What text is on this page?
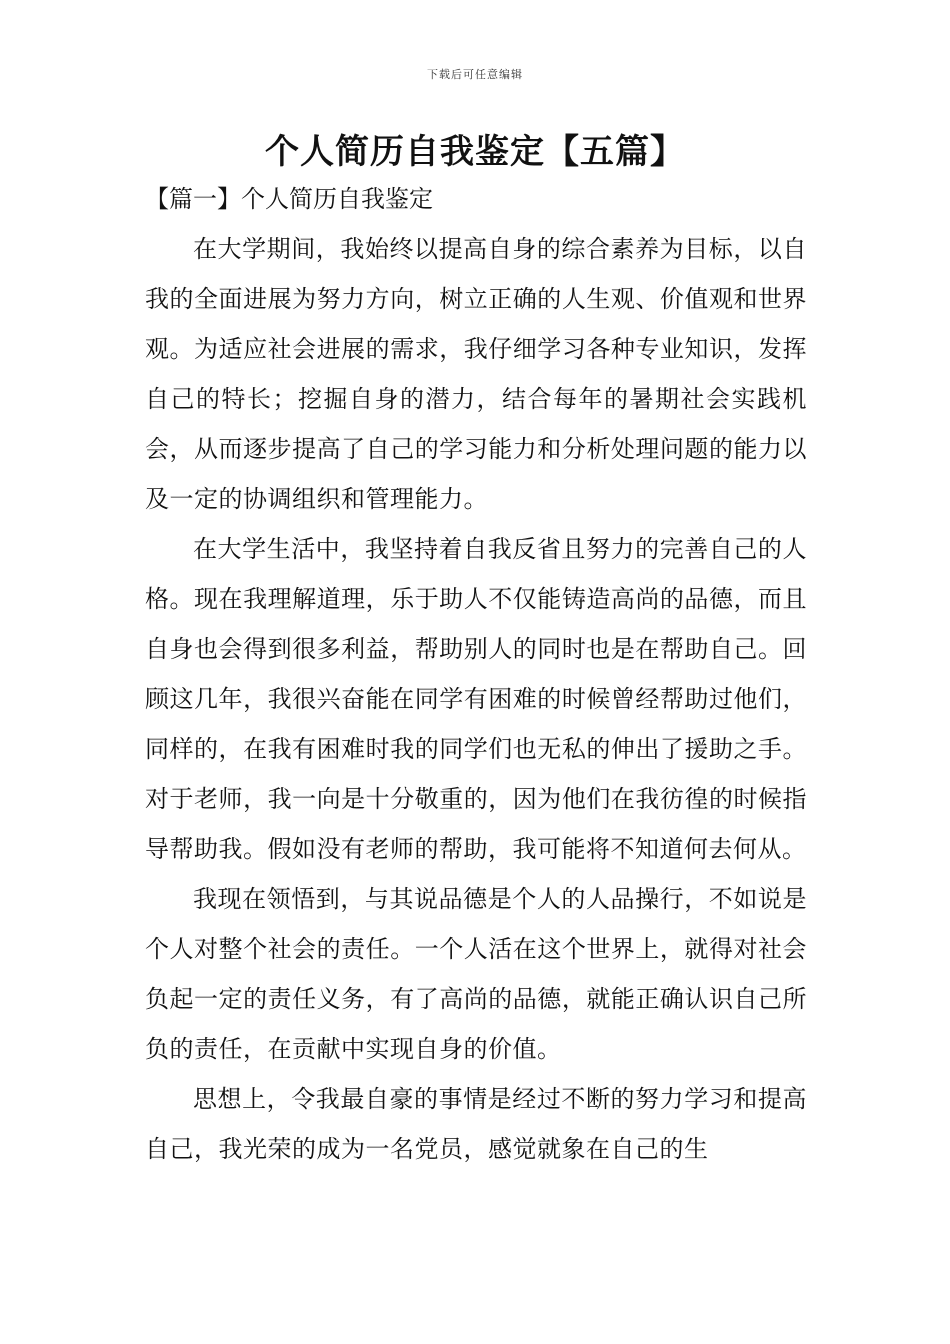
下载后可任意编辑
个人简历自我鉴定【五篇】
【篇一】个人简历自我鉴定

在大学期间，我始终以提高自身的综合素养为目标，以自我的全面进展为努力方向，树立正确的人生观、价值观和世界观。为适应社会进展的需求，我仔细学习各种专业知识，发挥自己的特长；挖掘自身的潜力，结合每年的暑期社会实践机会，从而逐步提高了自己的学习能力和分析处理问题的能力以及一定的协调组织和管理能力。

在大学生活中，我坚持着自我反省且努力的完善自己的人格。现在我理解道理，乐于助人不仅能铸造高尚的品德，而且自身也会得到很多利益，帮助别人的同时也是在帮助自己。回顾这几年，我很兴奋能在同学有困难的时候曾经帮助过他们，同样的，在我有困难时我的同学们也无私的伸出了援助之手。对于老师，我一向是十分敬重的，因为他们在我彷徨的时候指导帮助我。假如没有老师的帮助，我可能将不知道何去何从。

我现在领悟到，与其说品德是个人的人品操行，不如说是个人对整个社会的责任。一个人活在这个世界上，就得对社会负起一定的责任义务，有了高尚的品德，就能正确认识自己所负的责任，在贡献中实现自身的价值。

思想上，令我最自豪的事情是经过不断的努力学习和提高自己，我光荣的成为一名党员，感觉就象在自己的生
